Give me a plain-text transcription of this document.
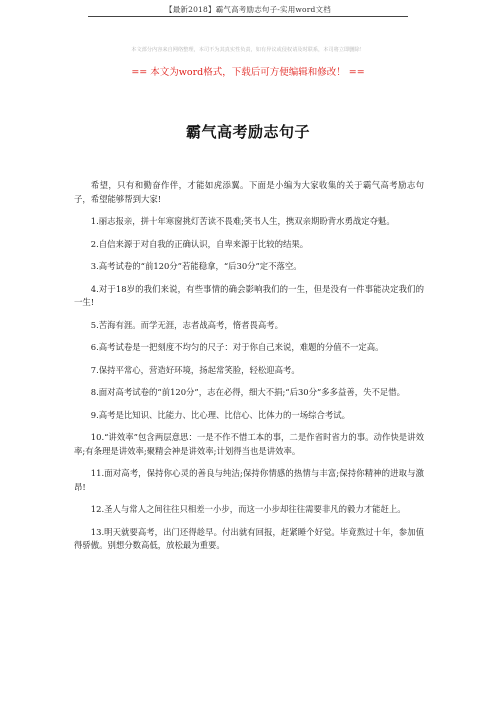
【最新2018】霸气高考励志句子-实用word文档
本文部分内容来自网络整理，本司不为其真实性负责，如有异议或侵权请及时联系，本司将立即删除！
== 本文为word格式，下载后可方便编辑和修改！ ==
霸气高考励志句子

希望，只有和勤奋作伴，才能如虎添翼。下面是小编为大家收集的关于霸气高考励志句子，希望能够帮到大家!

1.丽志报亲，拼十年寒窗挑灯苦读不畏难;笑书人生，携双亲期盼背水勇战定夺魁。

2.自信来源于对自我的正确认识，自卑来源于比较的结果。

3.高考试卷的“前120分”若能稳拿，“后30分”定不落空。

4.对于18岁的我们来说，有些事情的确会影响我们的一生，但是没有一件事能决定我们的一生!

5.苦海有涯。而学无涯，志者战高考，惰者畏高考。

6.高考试卷是一把刻度不均匀的尺子：对于你自己来说，难题的分值不一定高。

7.保持平常心，营造好环境，扬起常笑脸，轻松迎高考。

8.面对高考试卷的“前120分”，志在必得，细大不捐;“后30分”多多益善，失不足惜。

9.高考是比知识、比能力、比心理、比信心、比体力的一场综合考试。

10.“讲效率”包含两层意思：一是不作不惜工本的事，二是作省时省力的事。动作快是讲效率;有条理是讲效率;聚精会神是讲效率;计划得当也是讲效率。

11.面对高考，保持你心灵的善良与纯洁;保持你情感的热情与丰富;保持你精神的进取与激昂!

12.圣人与常人之间往往只相差一小步，而这一小步却往往需要非凡的毅力才能赶上。

13.明天就要高考，出门还得趁早。付出就有回报，赶紧睡个好觉。毕竟熬过十年，参加值得骄傲。别想分数高低，放松最为重要。
